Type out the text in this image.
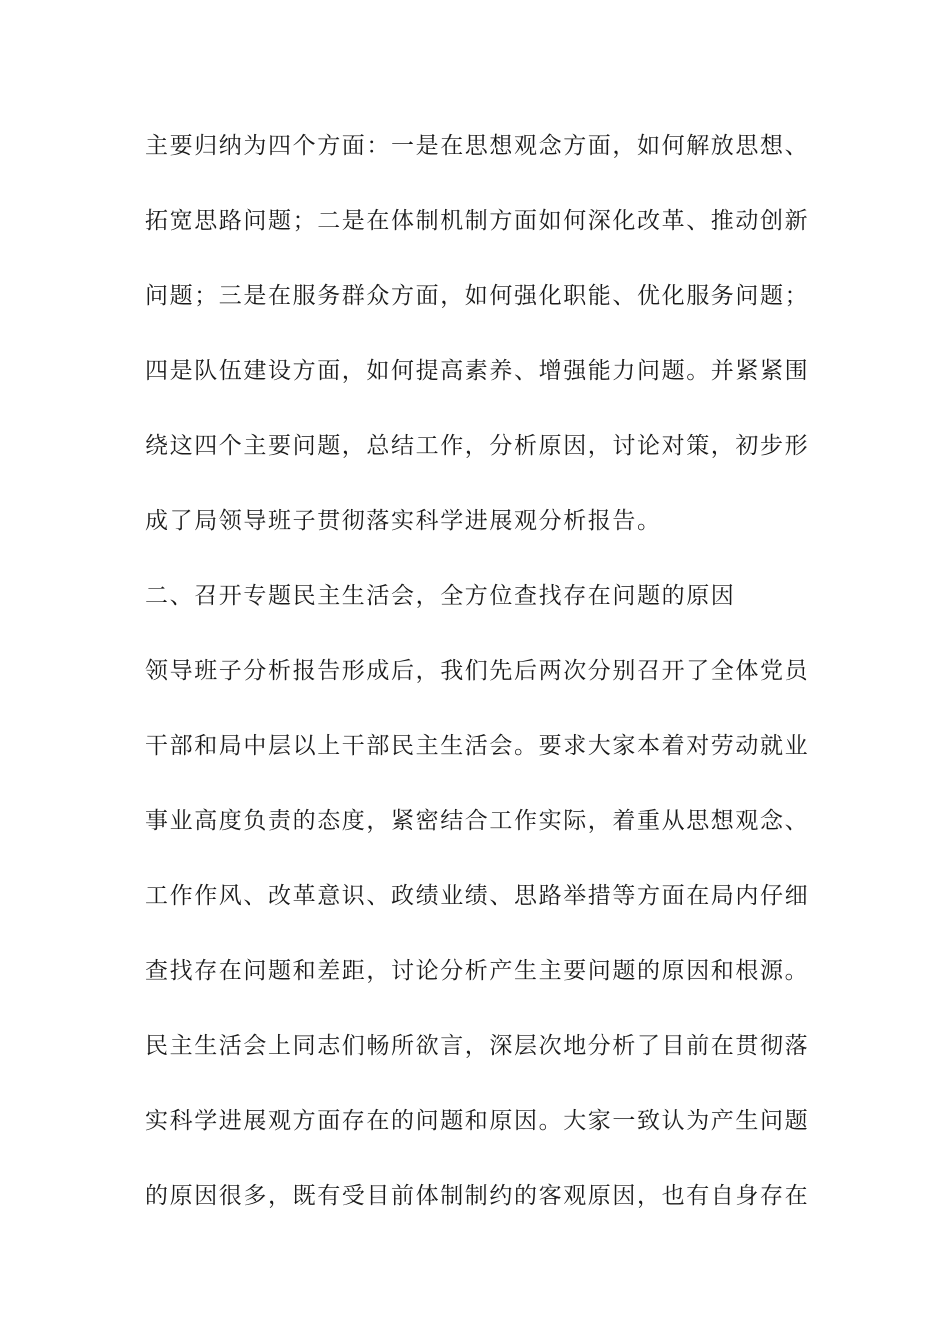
主要归纳为四个方面：一是在思想观念方面，如何解放思想、
拓宽思路问题；二是在体制机制方面如何深化改革、推动创新
问题；三是在服务群众方面，如何强化职能、优化服务问题；
四是队伍建设方面，如何提高素养、增强能力问题。并紧紧围
绕这四个主要问题，总结工作，分析原因，讨论对策，初步形
成了局领导班子贯彻落实科学进展观分析报告。
二、召开专题民主生活会，全方位查找存在问题的原因
领导班子分析报告形成后，我们先后两次分别召开了全体党员
干部和局中层以上干部民主生活会。要求大家本着对劳动就业
事业高度负责的态度，紧密结合工作实际，着重从思想观念、
工作作风、改革意识、政绩业绩、思路举措等方面在局内仔细
查找存在问题和差距，讨论分析产生主要问题的原因和根源。
民主生活会上同志们畅所欲言，深层次地分析了目前在贯彻落
实科学进展观方面存在的问题和原因。大家一致认为产生问题
的原因很多，既有受目前体制制约的客观原因，也有自身存在
